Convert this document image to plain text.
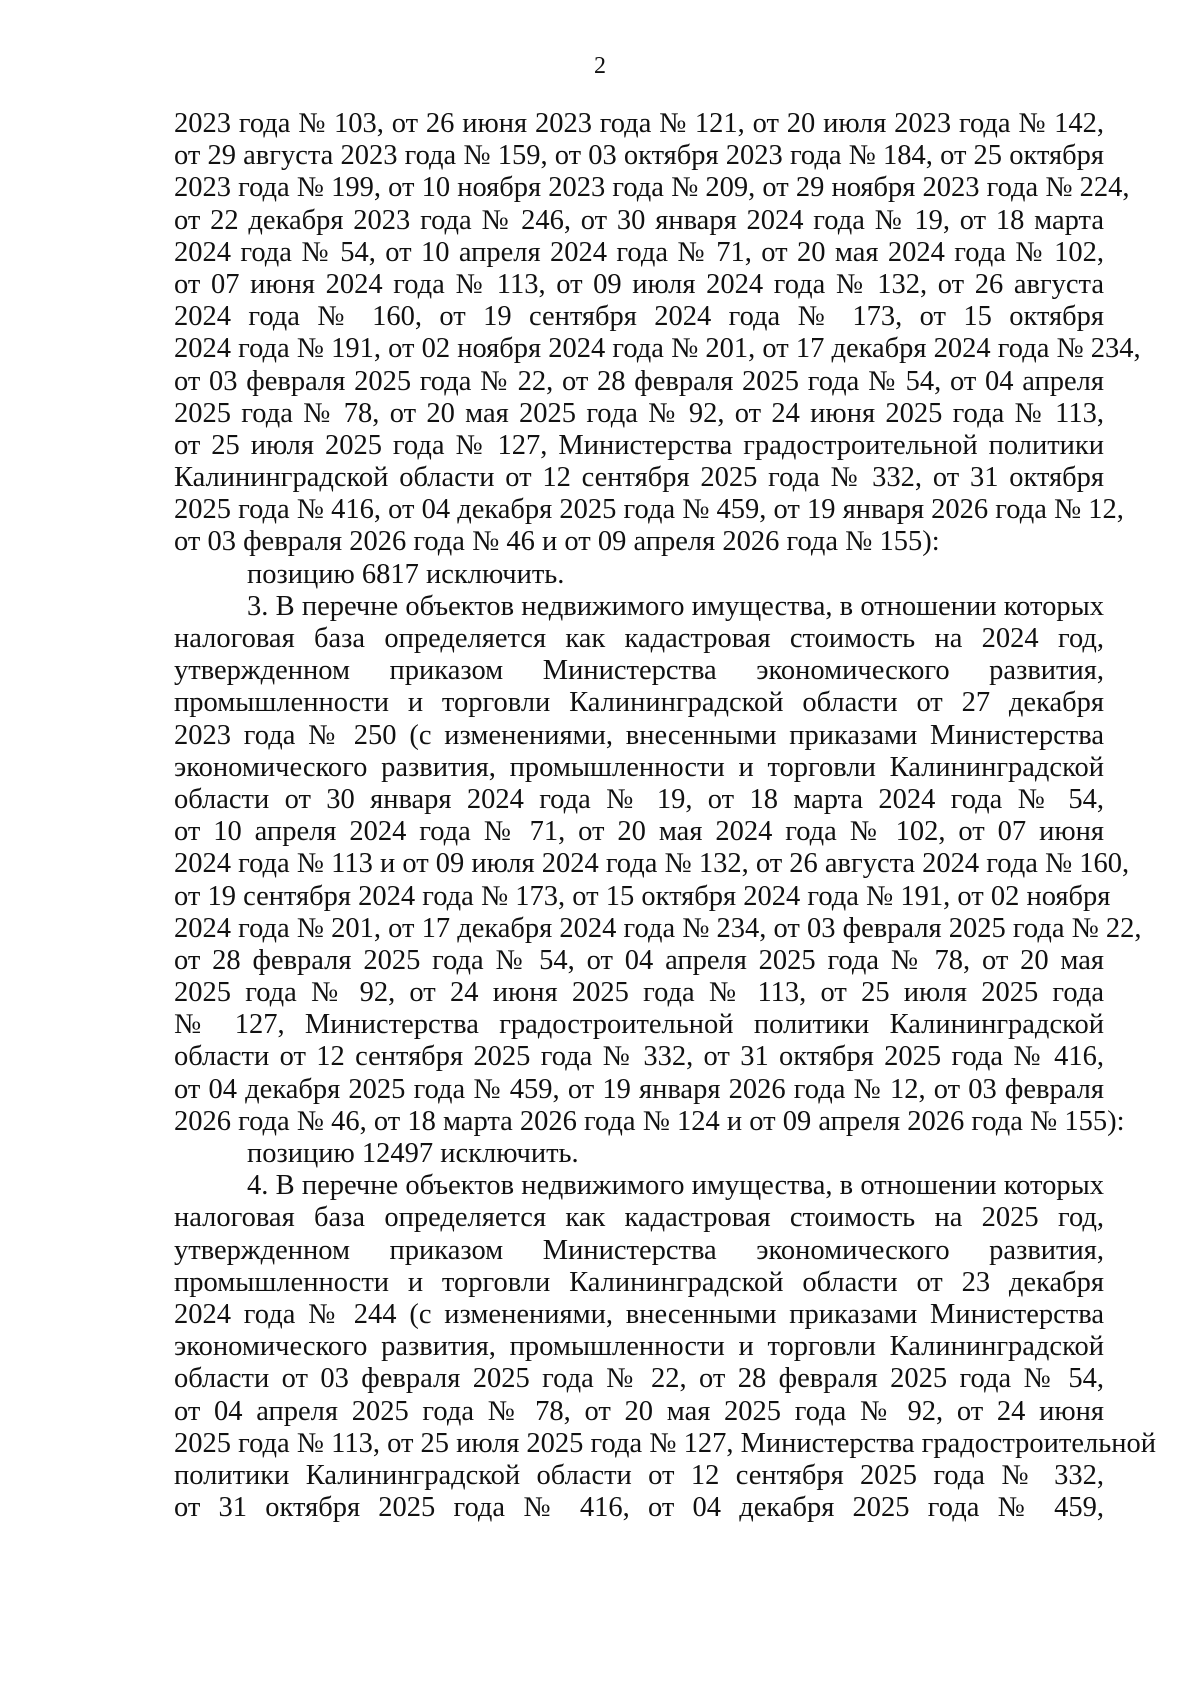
2
2023 года № 103, от 26 июня 2023 года № 121, от 20 июля 2023 года № 142,
от 29 августа 2023 года № 159, от 03 октября 2023 года № 184, от 25 октября
2023 года № 199, от 10 ноября 2023 года № 209, от 29 ноября 2023 года № 224,
от 22 декабря 2023 года № 246, от 30 января 2024 года № 19, от 18 марта
2024 года № 54, от 10 апреля 2024 года № 71, от 20 мая 2024 года № 102,
от 07 июня 2024 года № 113, от 09 июля 2024 года № 132, от 26 августа
2024 года № 160, от 19 сентября 2024 года № 173, от 15 октября
2024 года № 191, от 02 ноября 2024 года № 201, от 17 декабря 2024 года № 234,
от 03 февраля 2025 года № 22, от 28 февраля 2025 года № 54, от 04 апреля
2025 года № 78, от 20 мая 2025 года № 92, от 24 июня 2025 года № 113,
от 25 июля 2025 года № 127, Министерства градостроительной политики
Калининградской области от 12 сентября 2025 года № 332, от 31 октября
2025 года № 416, от 04 декабря 2025 года № 459, от 19 января 2026 года № 12,
от 03 февраля 2026 года № 46 и от 09 апреля 2026 года № 155):
позицию 6817 исключить.
3. В перечне объектов недвижимого имущества, в отношении которых
налоговая база определяется как кадастровая стоимость на 2024 год,
утвержденном приказом Министерства экономического развития,
промышленности и торговли Калининградской области от 27 декабря
2023 года № 250 (с изменениями, внесенными приказами Министерства
экономического развития, промышленности и торговли Калининградской
области от 30 января 2024 года № 19, от 18 марта 2024 года № 54,
от 10 апреля 2024 года № 71, от 20 мая 2024 года № 102, от 07 июня
2024 года № 113 и от 09 июля 2024 года № 132, от 26 августа 2024 года № 160,
от 19 сентября 2024 года № 173, от 15 октября 2024 года № 191, от 02 ноября
2024 года № 201, от 17 декабря 2024 года № 234, от 03 февраля 2025 года № 22,
от 28 февраля 2025 года № 54, от 04 апреля 2025 года № 78, от 20 мая
2025 года № 92, от 24 июня 2025 года № 113, от 25 июля 2025 года
№ 127, Министерства градостроительной политики Калининградской
области от 12 сентября 2025 года № 332, от 31 октября 2025 года № 416,
от 04 декабря 2025 года № 459, от 19 января 2026 года № 12, от 03 февраля
2026 года № 46, от 18 марта 2026 года № 124 и от 09 апреля 2026 года № 155):
позицию 12497 исключить.
4. В перечне объектов недвижимого имущества, в отношении которых
налоговая база определяется как кадастровая стоимость на 2025 год,
утвержденном приказом Министерства экономического развития,
промышленности и торговли Калининградской области от 23 декабря
2024 года № 244 (с изменениями, внесенными приказами Министерства
экономического развития, промышленности и торговли Калининградской
области от 03 февраля 2025 года № 22, от 28 февраля 2025 года № 54,
от 04 апреля 2025 года № 78, от 20 мая 2025 года № 92, от 24 июня
2025 года № 113, от 25 июля 2025 года № 127, Министерства градостроительной
политики Калининградской области от 12 сентября 2025 года № 332,
от 31 октября 2025 года № 416, от 04 декабря 2025 года № 459,
